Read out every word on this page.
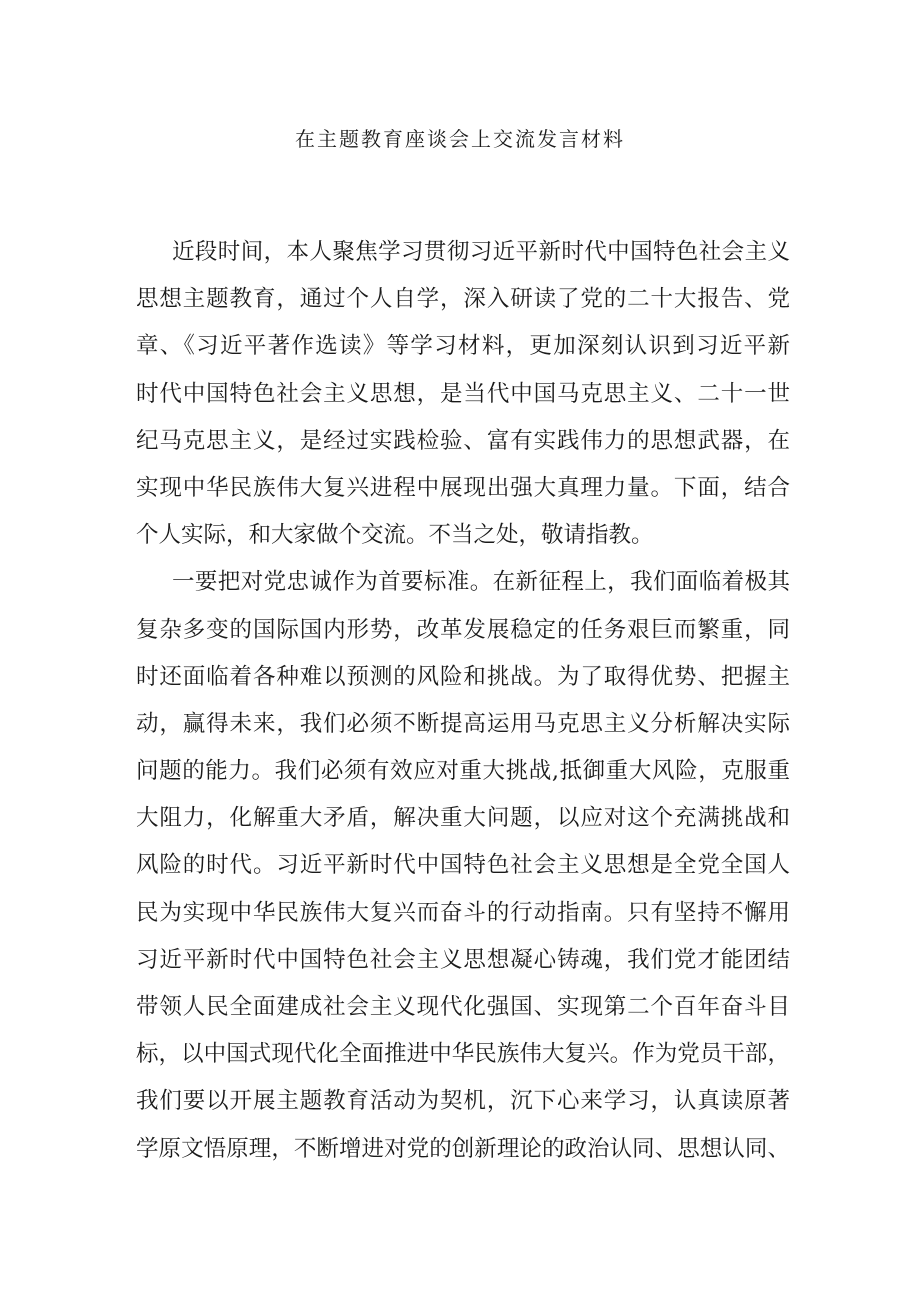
在主题教育座谈会上交流发言材料
近段时间，本人聚焦学习贯彻习近平新时代中国特色社会主义
思想主题教育，通过个人自学，深入研读了党的二十大报告、党
章、《习近平著作选读》等学习材料，更加深刻认识到习近平新
时代中国特色社会主义思想，是当代中国马克思主义、二十一世
纪马克思主义，是经过实践检验、富有实践伟力的思想武器，在
实现中华民族伟大复兴进程中展现出强大真理力量。下面，结合
个人实际，和大家做个交流。不当之处，敬请指教。
一要把对党忠诚作为首要标准。在新征程上，我们面临着极其
复杂多变的国际国内形势，改革发展稳定的任务艰巨而繁重，同
时还面临着各种难以预测的风险和挑战。为了取得优势、把握主
动，赢得未来，我们必须不断提高运用马克思主义分析解决实际
问题的能力。我们必须有效应对重大挑战,抵御重大风险，克服重
大阻力，化解重大矛盾，解决重大问题，以应对这个充满挑战和
风险的时代。习近平新时代中国特色社会主义思想是全党全国人
民为实现中华民族伟大复兴而奋斗的行动指南。只有坚持不懈用
习近平新时代中国特色社会主义思想凝心铸魂，我们党才能团结
带领人民全面建成社会主义现代化强国、实现第二个百年奋斗目
标，以中国式现代化全面推进中华民族伟大复兴。作为党员干部，
我们要以开展主题教育活动为契机，沉下心来学习，认真读原著
学原文悟原理，不断增进对党的创新理论的政治认同、思想认同、
